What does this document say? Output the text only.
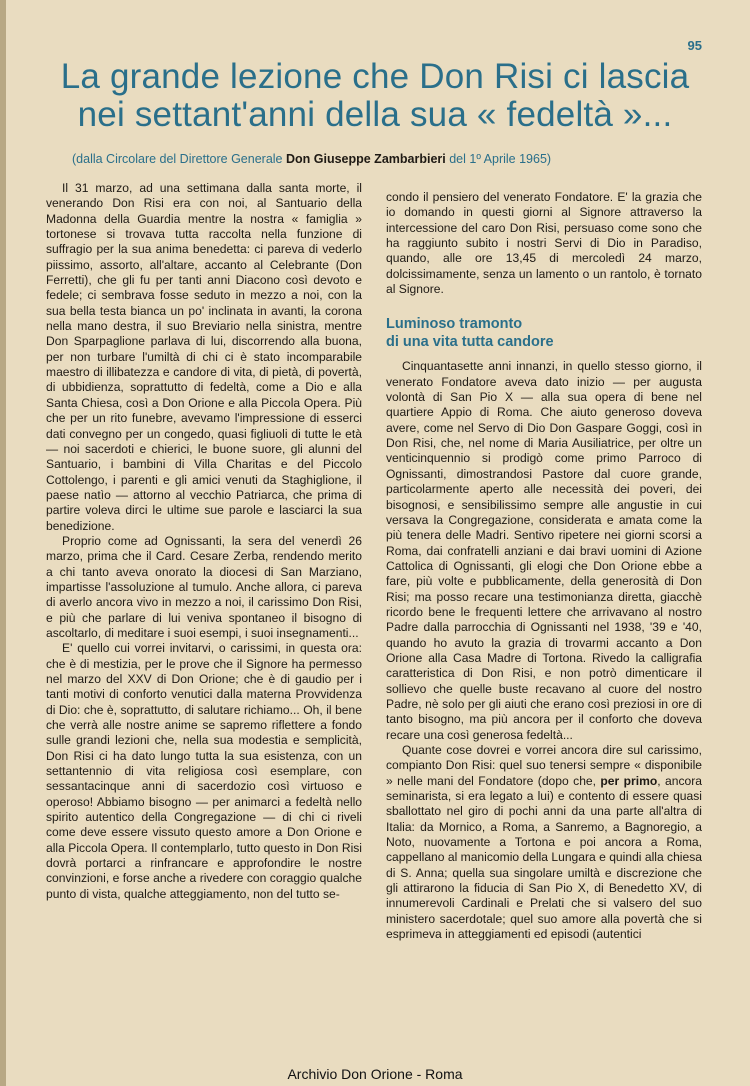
95
La grande lezione che Don Risi ci lascia
nei settant'anni della sua « fedeltà »...
(dalla Circolare del Direttore Generale Don Giuseppe Zambarbieri del 1º Aprile 1965)

Il 31 marzo, ad una settimana dalla santa morte, il venerando Don Risi era con noi, al Santuario della Madonna della Guardia mentre la nostra « famiglia » tortonese si trovava tutta raccolta nella funzione di suffragio per la sua anima benedetta: ci pareva di vederlo piissimo, assorto, all'altare, accanto al Celebrante (Don Ferretti), che gli fu per tanti anni Diacono così devoto e fedele; ci sembrava fosse seduto in mezzo a noi, con la sua bella testa bianca un po' inclinata in avanti, la corona nella mano destra, il suo Breviario nella sinistra, mentre Don Sparpaglione parlava di lui, discorrendo alla buona, per non turbare l'umiltà di chi ci è stato incomparabile maestro di illibatezza e candore di vita, di pietà, di povertà, di ubbidienza, soprattutto di fedeltà, come a Dio e alla Santa Chiesa, così a Don Orione e alla Piccola Opera. Più che per un rito funebre, avevamo l'impressione di esserci dati convegno per un congedo, quasi figliuoli di tutte le età — noi sacerdoti e chierici, le buone suore, gli alunni del Santuario, i bambini di Villa Charitas e del Piccolo Cottolengo, i parenti e gli amici venuti da Staghiglione, il paese natìo — attorno al vecchio Patriarca, che prima di partire voleva dirci le ultime sue parole e lasciarci la sua benedizione.

Proprio come ad Ognissanti, la sera del venerdì 26 marzo, prima che il Card. Cesare Zerba, rendendo merito a chi tanto aveva onorato la diocesi di San Marziano, impartisse l'assoluzione al tumulo. Anche allora, ci pareva di averlo ancora vivo in mezzo a noi, il carissimo Don Risi, e più che parlare di lui veniva spontaneo il bisogno di ascoltarlo, di meditare i suoi esempi, i suoi insegnamenti...

E' quello cui vorrei invitarvi, o carissimi, in questa ora: che è di mestizia, per le prove che il Signore ha permesso nel marzo del XXV di Don Orione; che è di gaudio per i tanti motivi di conforto venutici dalla materna Provvidenza di Dio: che è, soprattutto, di salutare richiamo... Oh, il bene che verrà alle nostre anime se sapremo riflettere a fondo sulle grandi lezioni che, nella sua modestia e semplicità, Don Risi ci ha dato lungo tutta la sua esistenza, con un settantennio di vita religiosa così esemplare, con sessantacinque anni di sacerdozio così virtuoso e operoso! Abbiamo bisogno — per animarci a fedeltà nello spirito autentico della Congregazione — di chi ci riveli come deve essere vissuto questo amore a Don Orione e alla Piccola Opera. Il contemplarlo, tutto questo in Don Risi dovrà portarci a rinfrancare e approfondire le nostre convinzioni, e forse anche a rivedere con coraggio qualche punto di vista, qualche atteggiamento, non del tutto se-

condo il pensiero del venerato Fondatore. E' la grazia che io domando in questi giorni al Signore attraverso la intercessione del caro Don Risi, persuaso come sono che ha raggiunto subito i nostri Servi di Dio in Paradiso, quando, alle ore 13,45 di mercoledì 24 marzo, dolcissimamente, senza un lamento o un rantolo, è tornato al Signore.

Luminoso tramonto
di una vita tutta candore

Cinquantasette anni innanzi, in quello stesso giorno, il venerato Fondatore aveva dato inizio — per augusta volontà di San Pio X — alla sua opera di bene nel quartiere Appio di Roma. Che aiuto generoso doveva avere, come nel Servo di Dio Don Gaspare Goggi, così in Don Risi, che, nel nome di Maria Ausiliatrice, per oltre un venticinquennio si prodigò come primo Parroco di Ognissanti, dimostrandosi Pastore dal cuore grande, particolarmente aperto alle necessità dei poveri, dei bisognosi, e sensibilissimo sempre alle angustie in cui versava la Congregazione, considerata e amata come la più tenera delle Madri. Sentivo ripetere nei giorni scorsi a Roma, dai confratelli anziani e dai bravi uomini di Azione Cattolica di Ognissanti, gli elogi che Don Orione ebbe a fare, più volte e pubblicamente, della generosità di Don Risi; ma posso recare una testimonianza diretta, giacchè ricordo bene le frequenti lettere che arrivavano al nostro Padre dalla parrocchia di Ognissanti nel 1938, '39 e '40, quando ho avuto la grazia di trovarmi accanto a Don Orione alla Casa Madre di Tortona. Rivedo la calligrafia caratteristica di Don Risi, e non potrò dimenticare il sollievo che quelle buste recavano al cuore del nostro Padre, nè solo per gli aiuti che erano così preziosi in ore di tanto bisogno, ma più ancora per il conforto che doveva recare una così generosa fedeltà...

Quante cose dovrei e vorrei ancora dire sul carissimo, compianto Don Risi: quel suo tenersi sempre « disponibile » nelle mani del Fondatore (dopo che, per primo, ancora seminarista, si era legato a lui) e contento di essere quasi sballottato nel giro di pochi anni da una parte all'altra di Italia: da Mornico, a Roma, a Sanremo, a Bagnoregio, a Noto, nuovamente a Tortona e poi ancora a Roma, cappellano al manicomio della Lungara e quindi alla chiesa di S. Anna; quella sua singolare umiltà e discrezione che gli attirarono la fiducia di San Pio X, di Benedetto XV, di innumerevoli Cardinali e Prelati che si valsero del suo ministero sacerdotale; quel suo amore alla povertà che si esprimeva in atteggiamenti ed episodi (autentici

Archivio Don Orione - Roma
